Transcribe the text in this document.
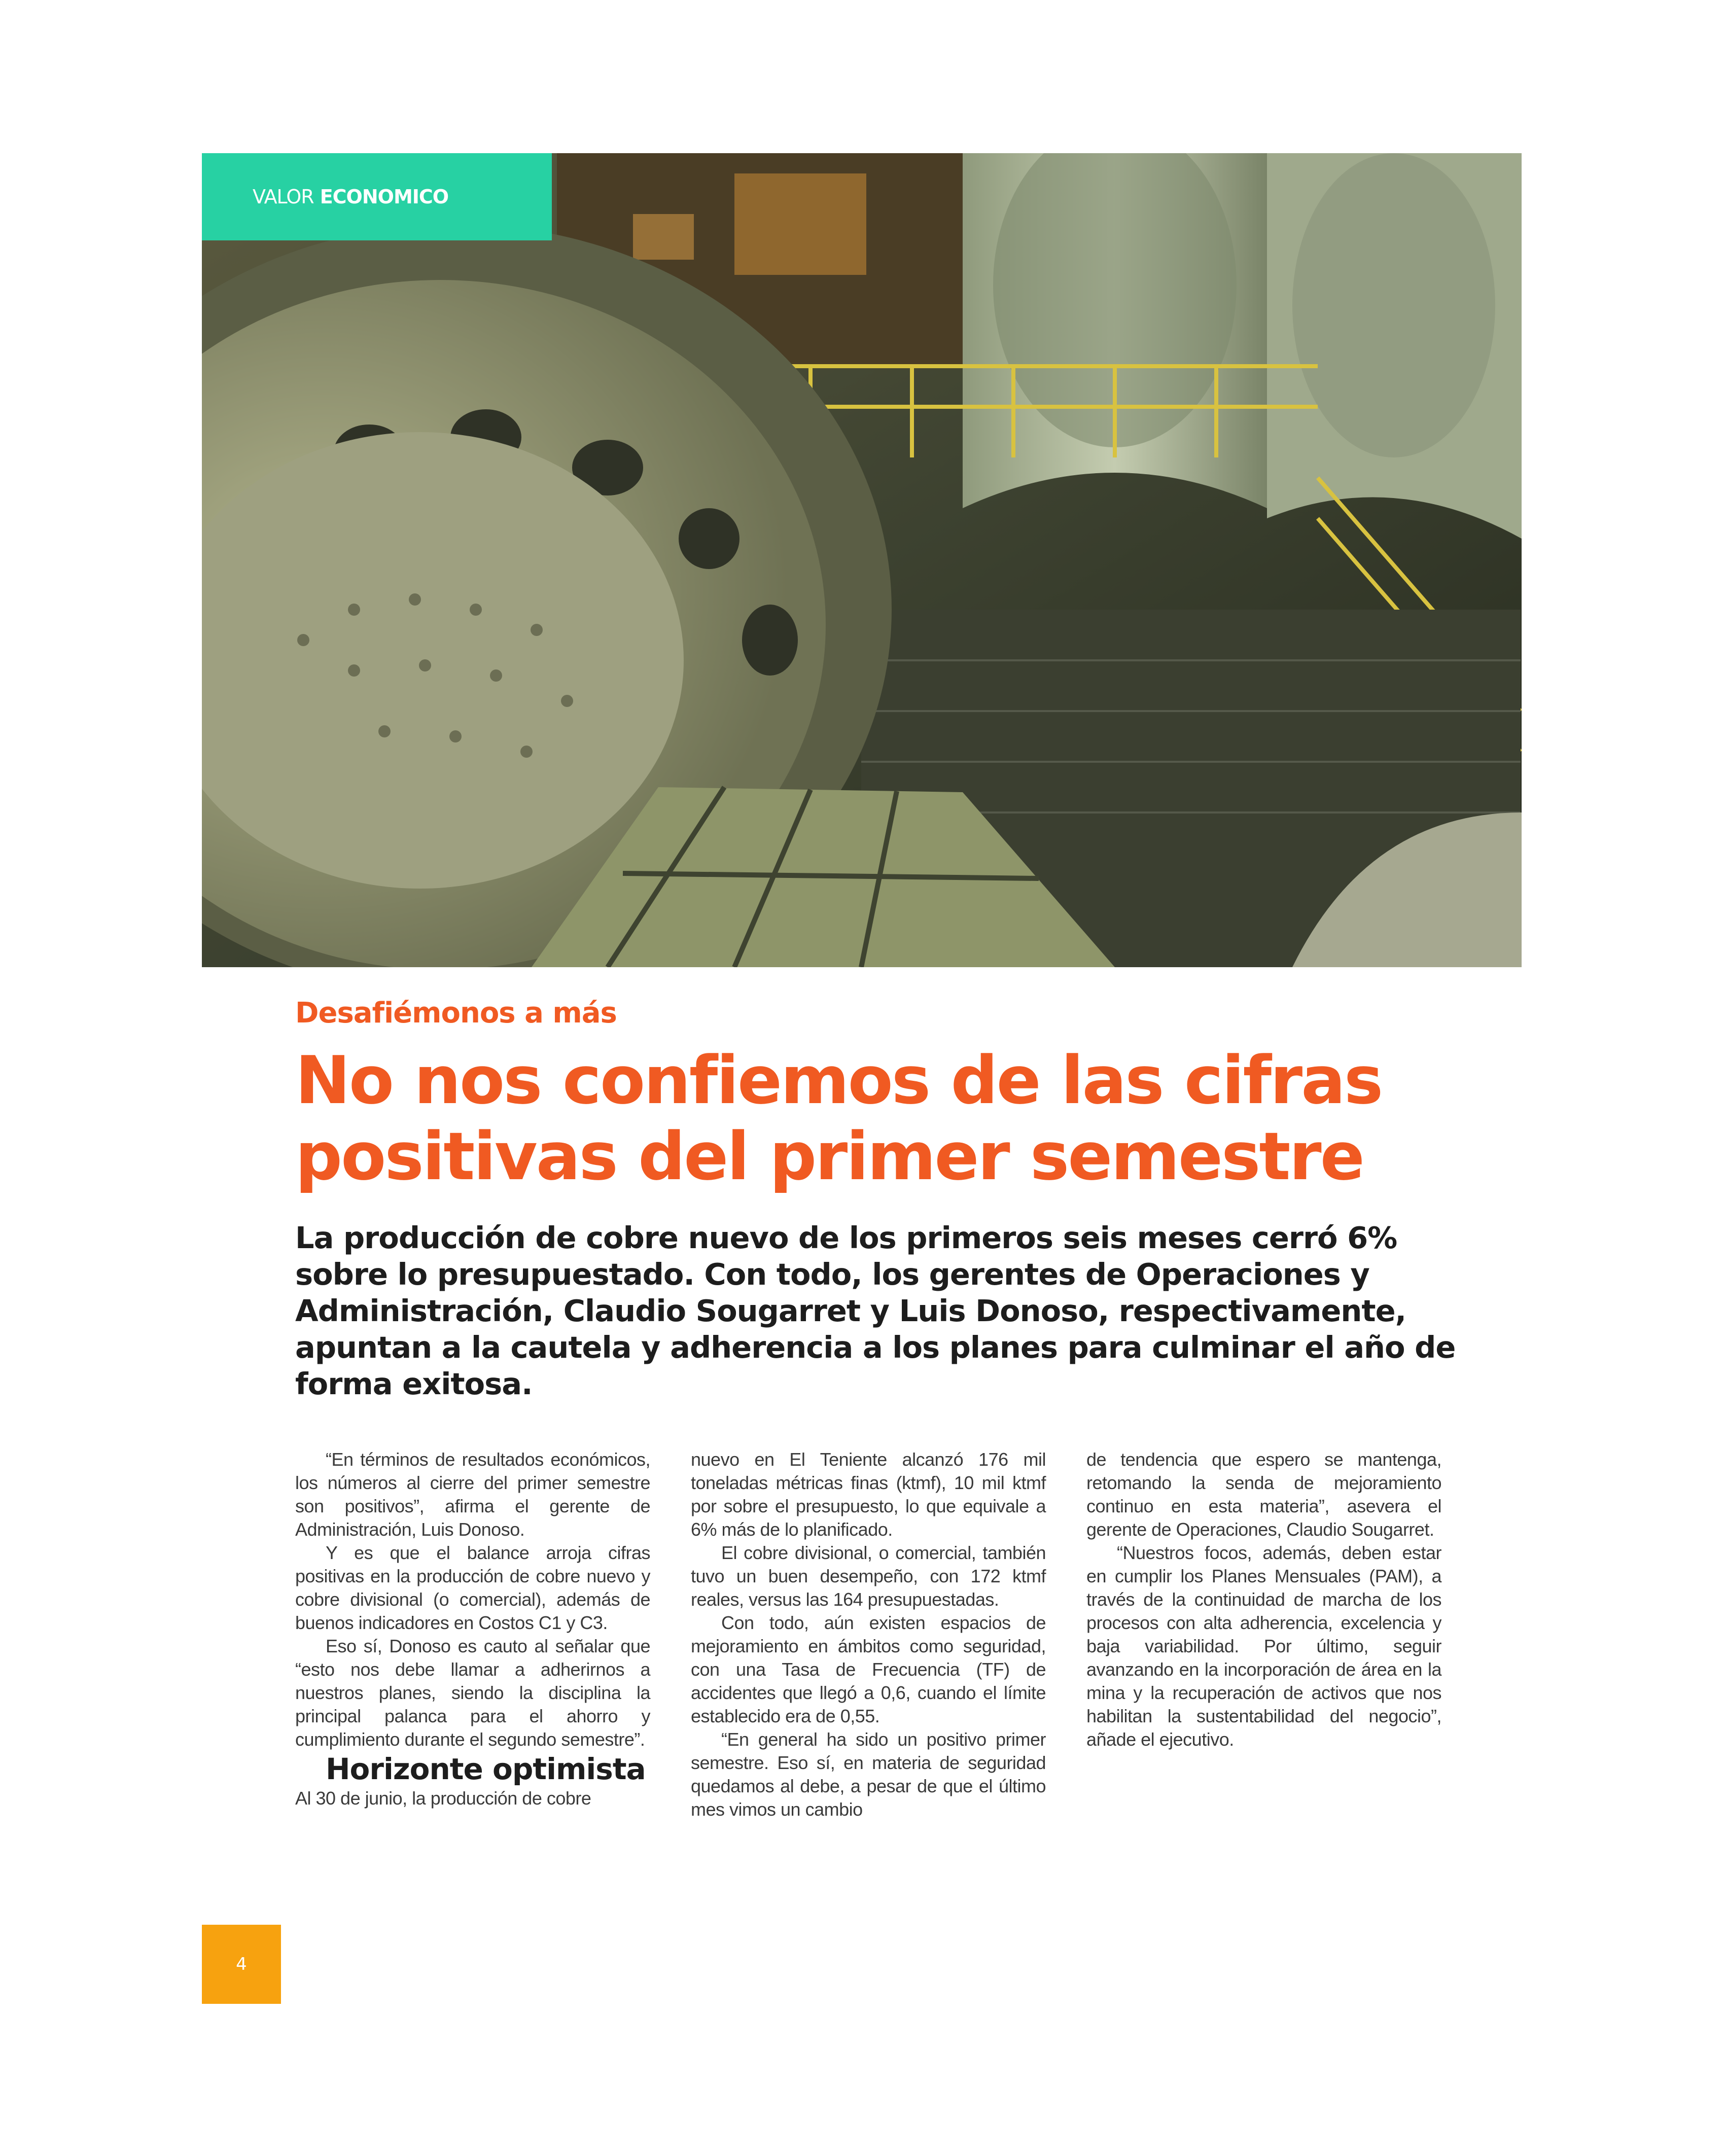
VALOR ECONOMICO
Desafiémonos a más
No nos confiemos de las cifras
positivas del primer semestre

La producción de cobre nuevo de los primeros seis meses cerró 6% sobre lo presupuestado. Con todo, los gerentes de Operaciones y Administración, Claudio Sougarret y Luis Donoso, respectivamente, apuntan a la cautela y adherencia a los planes para culminar el año de forma exitosa.

“En términos de resultados económicos, los números al cierre del primer semestre son positivos”, afirma el gerente de Administración, Luis Donoso.

Y es que el balance arroja cifras positivas en la producción de cobre nuevo y cobre divisional (o comercial), además de buenos indicadores en Costos C1 y C3.

Eso sí, Donoso es cauto al señalar que “esto nos debe llamar a adherirnos a nuestros planes, siendo la disciplina la principal palanca para el ahorro y cumplimiento durante el segundo semestre”.

Horizonte optimista

Al 30 de junio, la producción de cobre

nuevo en El Teniente alcanzó 176 mil toneladas métricas finas (ktmf), 10 mil ktmf por sobre el presupuesto, lo que equivale a 6% más de lo planificado.

El cobre divisional, o comercial, también tuvo un buen desempeño, con 172 ktmf reales, versus las 164 presupuestadas.

Con todo, aún existen espacios de mejoramiento en ámbitos como seguridad, con una Tasa de Frecuencia (TF) de accidentes que llegó a 0,6, cuando el límite establecido era de 0,55.

“En general ha sido un positivo primer semestre. Eso sí, en materia de seguridad quedamos al debe, a pesar de que el último mes vimos un cambio

de tendencia que espero se mantenga, retomando la senda de mejoramiento continuo en esta materia”, asevera el gerente de Operaciones, Claudio Sougarret.

“Nuestros focos, además, deben estar en cumplir los Planes Mensuales (PAM), a través de la continuidad de marcha de los procesos con alta adherencia, excelencia y baja variabilidad. Por último, seguir avanzando en la incorporación de área en la mina y la recuperación de activos que nos habilitan la sustentabilidad del negocio”, añade el ejecutivo.

4
